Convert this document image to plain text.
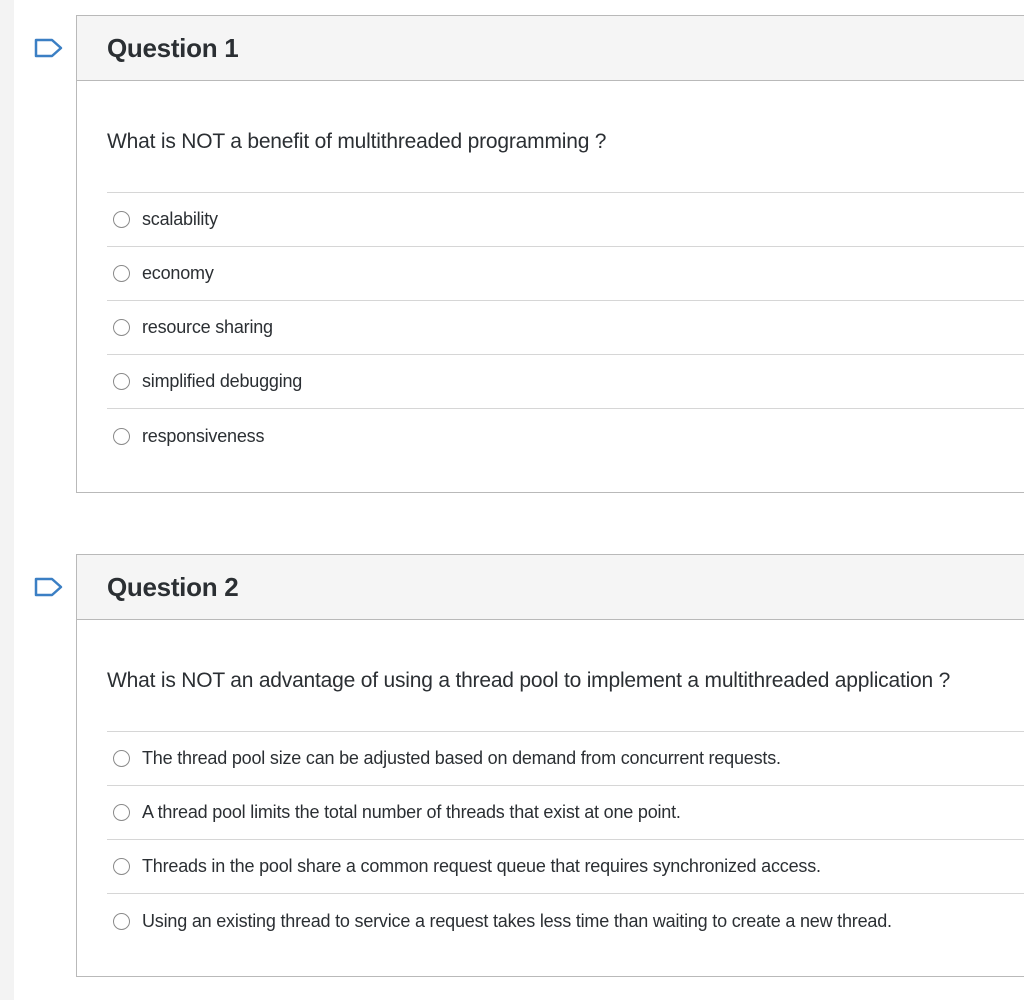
Question 1

What is NOT a benefit of multithreaded programming ?

scalability
economy
resource sharing
simplified debugging
responsiveness
Question 2

What is NOT an advantage of using a thread pool to implement a multithreaded application ?

The thread pool size can be adjusted based on demand from concurrent requests.
A thread pool limits the total number of threads that exist at one point.
Threads in the pool share a common request queue that requires synchronized access.
Using an existing thread to service a request takes less time than waiting to create a new thread.
